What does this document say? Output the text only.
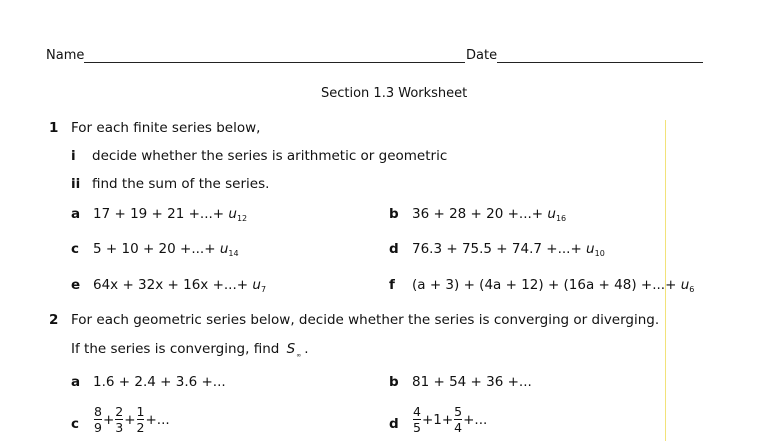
Name	Date
Section 1.3 Worksheet
1 For each finite series below,
i decide whether the series is arithmetic or geometric
ii find the sum of the series.
a 17 + 19 + 21 +...+ $u_{12}$	b 36 + 28 + 20 +...+ $u_{16}$
c 5 + 10 + 20 +...+ $u_{14}$	d 76.3 + 75.5 + 74.7 +...+ $u_{10}$
e 64x + 32x + 16x +...+ $u_7$	f (a + 3) + (4a + 12) + (16a + 48) +...+ $u_6$
2 For each geometric series below, decide whether the series is converging or diverging.
If the series is converging, find $S_\infty$ .
a 1.6 + 2.4 + 3.6 +...	b 81 + 54 + 36 +...
c $\frac{8}{9} + \frac{2}{3} + \frac{1}{2}$ +...	d $\frac{4}{5} +1+ \frac{5}{4}$ +...
